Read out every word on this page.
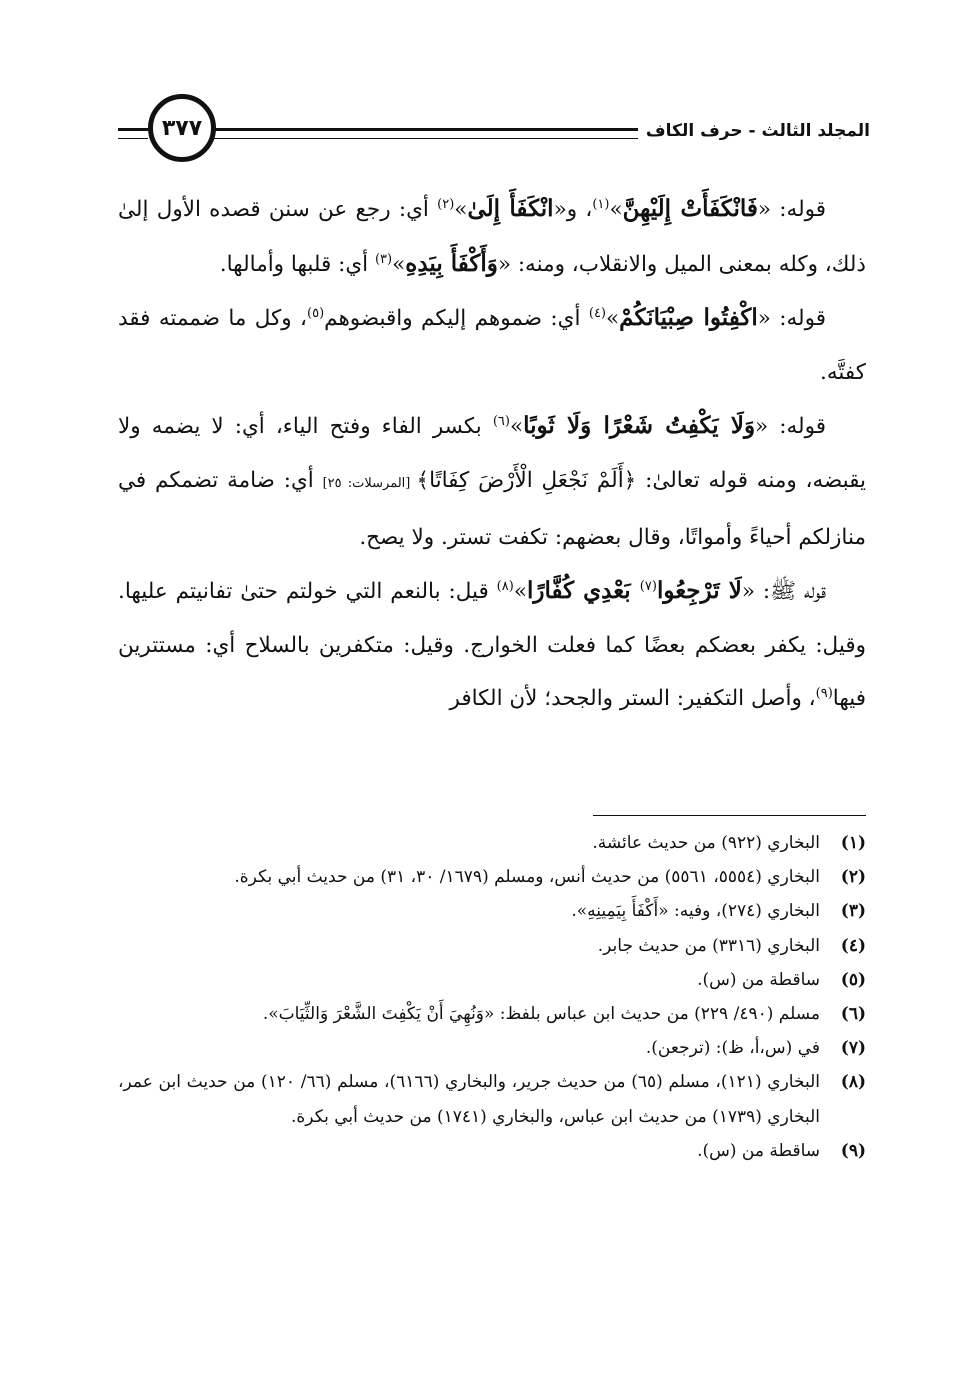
٣٧٧	المجلد الثالث - حرف الكاف

قوله: «فَانْكَفَأَتْ إِلَيْهِنَّ»$^{(١)}$، و«انْكَفَأَ إِلَىٰ»$^{(٢)}$ أي: رجع عن سنن قصده الأول إلىٰ ذلك، وكله بمعنى الميل والانقلاب، ومنه: «وَأَكْفَأَ بِيَدِهِ»$^{(٣)}$ أي: قلبها وأمالها.

قوله: «اكْفِتُوا صِبْيَانَكُمْ»$^{(٤)}$ أي: ضموهم إليكم واقبضوهم$^{(٥)}$، وكل ما ضممته فقد كفتَّه.

قوله: «وَلَا يَكْفِتُ شَعْرًا وَلَا ثَوبًا»$^{(٦)}$ بكسر الفاء وفتح الياء، أي: لا يضمه ولا يقبضه، ومنه قوله تعالىٰ: ﴿أَلَمْ نَجْعَلِ الْأَرْضَ كِفَاتًا﴾ [المرسلات: ٢٥] أي: ضامة تضمكم في منازلكم أحياءً وأمواتًا، وقال بعضهم: تكفت تستر. ولا يصح.

قوله ﷺ: «لَا تَرْجِعُوا$^{(٧)}$ بَعْدِي كُفَّارًا»$^{(٨)}$ قيل: بالنعم التي خولتم حتىٰ تفانيتم عليها. وقيل: يكفر بعضكم بعضًا كما فعلت الخوارج. وقيل: متكفرين بالسلاح أي: مستترين فيها$^{(٩)}$، وأصل التكفير: الستر والجحد؛ لأن الكافر

(١)
البخاري (٩٢٢) من حديث عائشة.
(٢)
البخاري (٥٥٥٤، ٥٥٦١) من حديث أنس، ومسلم (١٦٧٩/ ٣٠، ٣١) من حديث أبي بكرة.
(٣)
البخاري (٢٧٤)، وفيه: «أَكْفَأَ بِيَمِينِهِ».
(٤)
البخاري (٣٣١٦) من حديث جابر.
(٥)
ساقطة من (س).
(٦)
مسلم (٤٩٠/ ٢٢٩) من حديث ابن عباس بلفظ: «وَنُهِيَ أَنْ يَكْفِتَ الشَّعْرَ وَالثِّيَابَ».
(٧)
في (س،أ، ظ): (ترجعن).
(٨)
البخاري (١٢١)، مسلم (٦٥) من حديث جرير، والبخاري (٦١٦٦)، مسلم (٦٦/ ١٢٠) من حديث ابن عمر، البخاري (١٧٣٩) من حديث ابن عباس، والبخاري (١٧٤١) من حديث أبي بكرة.
(٩)
ساقطة من (س).
